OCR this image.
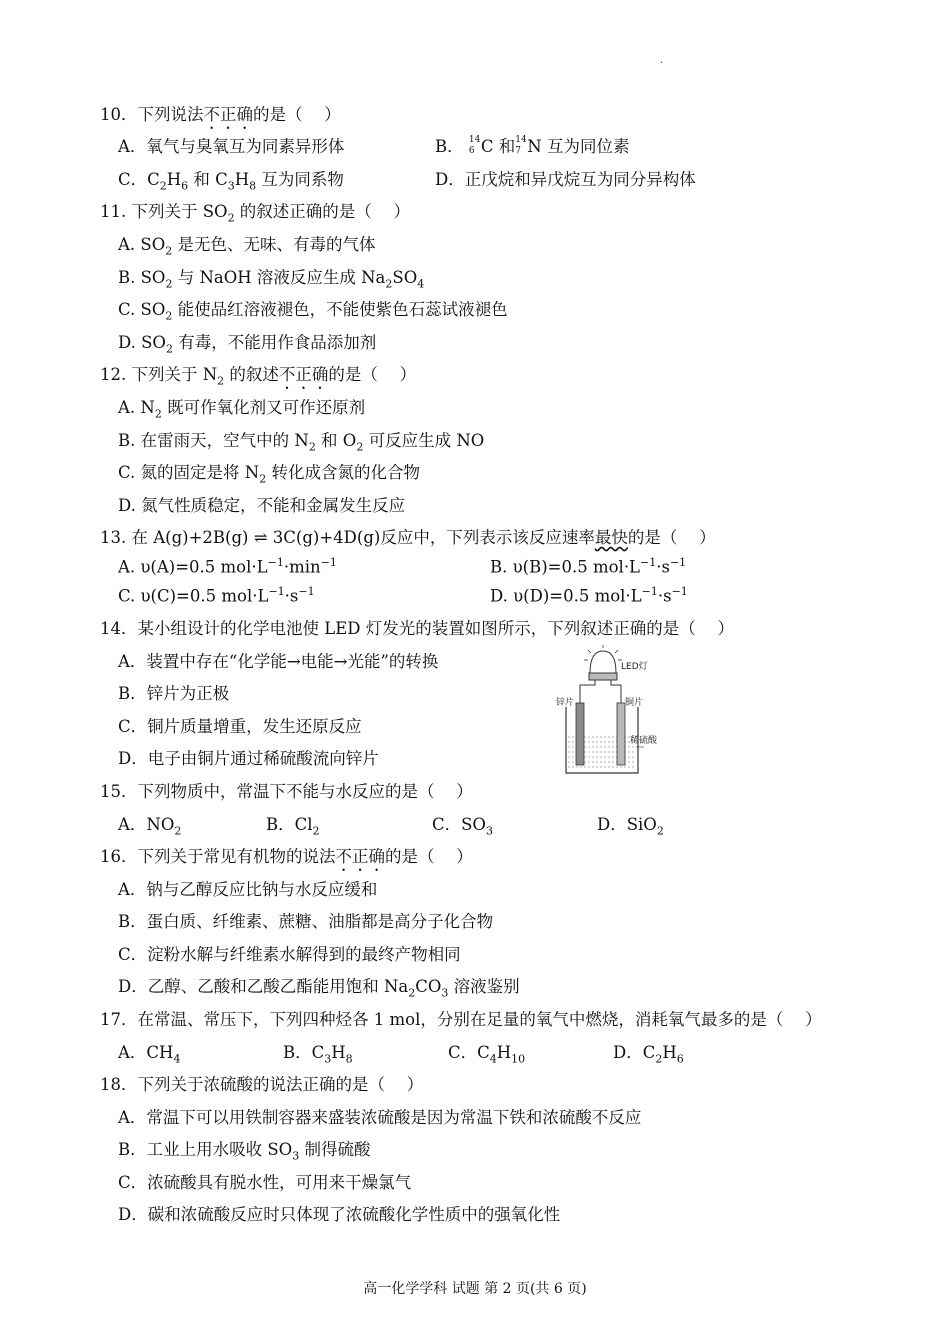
.
10．下列说法不正确的是（　 ）
A．氧气与臭氧互为同素异形体	B． 14
6 C 和 14
7 N 互为同位素
C．$C_2H_6$ 和 $C_3H_8$ 互为同系物	D．正戊烷和异戊烷互为同分异构体
11. 下列关于 $SO_2$ 的叙述正确的是（　 ）
A. $SO_2$ 是无色、无味、有毒的气体
B. $SO_2$ 与 NaOH 溶液反应生成 $Na_2SO_4$
C. $SO_2$ 能使品红溶液褪色，不能使紫色石蕊试液褪色
D. $SO_2$ 有毒，不能用作食品添加剂
12. 下列关于 $N_2$ 的叙述不正确的是（　 ）
A. $N_2$ 既可作氧化剂又可作还原剂
B. 在雷雨天，空气中的 $N_2$ 和 $O_2$ 可反应生成 NO
C. 氮的固定是将 $N_2$ 转化成含氮的化合物
D. 氮气性质稳定，不能和金属发生反应
13. 在 A(g)+2B(g) ⇌ 3C(g)+4D(g)反应中，下列表示该反应速率最快的是（　 ）
A. υ(A)=0.5 $mol\cdot L^{-1}\cdot\min^{-1}$	B. υ(B)=0.5 $mol\cdot L^{-1}\cdot s^{-1}$
C. υ(C)=0.5 $mol\cdot L^{-1}\cdot s^{-1}$	D. υ(D)=0.5 $mol\cdot L^{-1}\cdot s^{-1}$
14．某小组设计的化学电池使 LED 灯发光的装置如图所示，下列叙述正确的是（　 ）
A．装置中存在“化学能→电能→光能”的转换
B．锌片为正极
C．铜片质量增重，发生还原反应
D．电子由铜片通过稀硫酸流向锌片
LED灯
锌片	铜片
稀硫酸
15．下列物质中，常温下不能与水反应的是（　 ）
A．$NO_2$	B．$Cl_2$	C．$SO_3$	D．SiO$_2$
16．下列关于常见有机物的说法不正确的是（　 ）
A．钠与乙醇反应比钠与水反应缓和
B．蛋白质、纤维素、蔗糖、油脂都是高分子化合物
C．淀粉水解与纤维素水解得到的最终产物相同
D．乙醇、乙酸和乙酸乙酯能用饱和 $Na_2CO_3$ 溶液鉴别
17．在常温、常压下，下列四种烃各 1 mol，分别在足量的氧气中燃烧，消耗氧气最多的是（　 ）
A．$CH_4$	B．$C_3H_8$	C．$C_4H_{10}$	D．$C_2H_6$
18．下列关于浓硫酸的说法正确的是（　 ）
A．常温下可以用铁制容器来盛装浓硫酸是因为常温下铁和浓硫酸不反应
B．工业上用水吸收 $SO_3$ 制得硫酸
C．浓硫酸具有脱水性，可用来干燥氯气
D．碳和浓硫酸反应时只体现了浓硫酸化学性质中的强氧化性
高一化学学科 试题 第 2 页(共 6 页)
